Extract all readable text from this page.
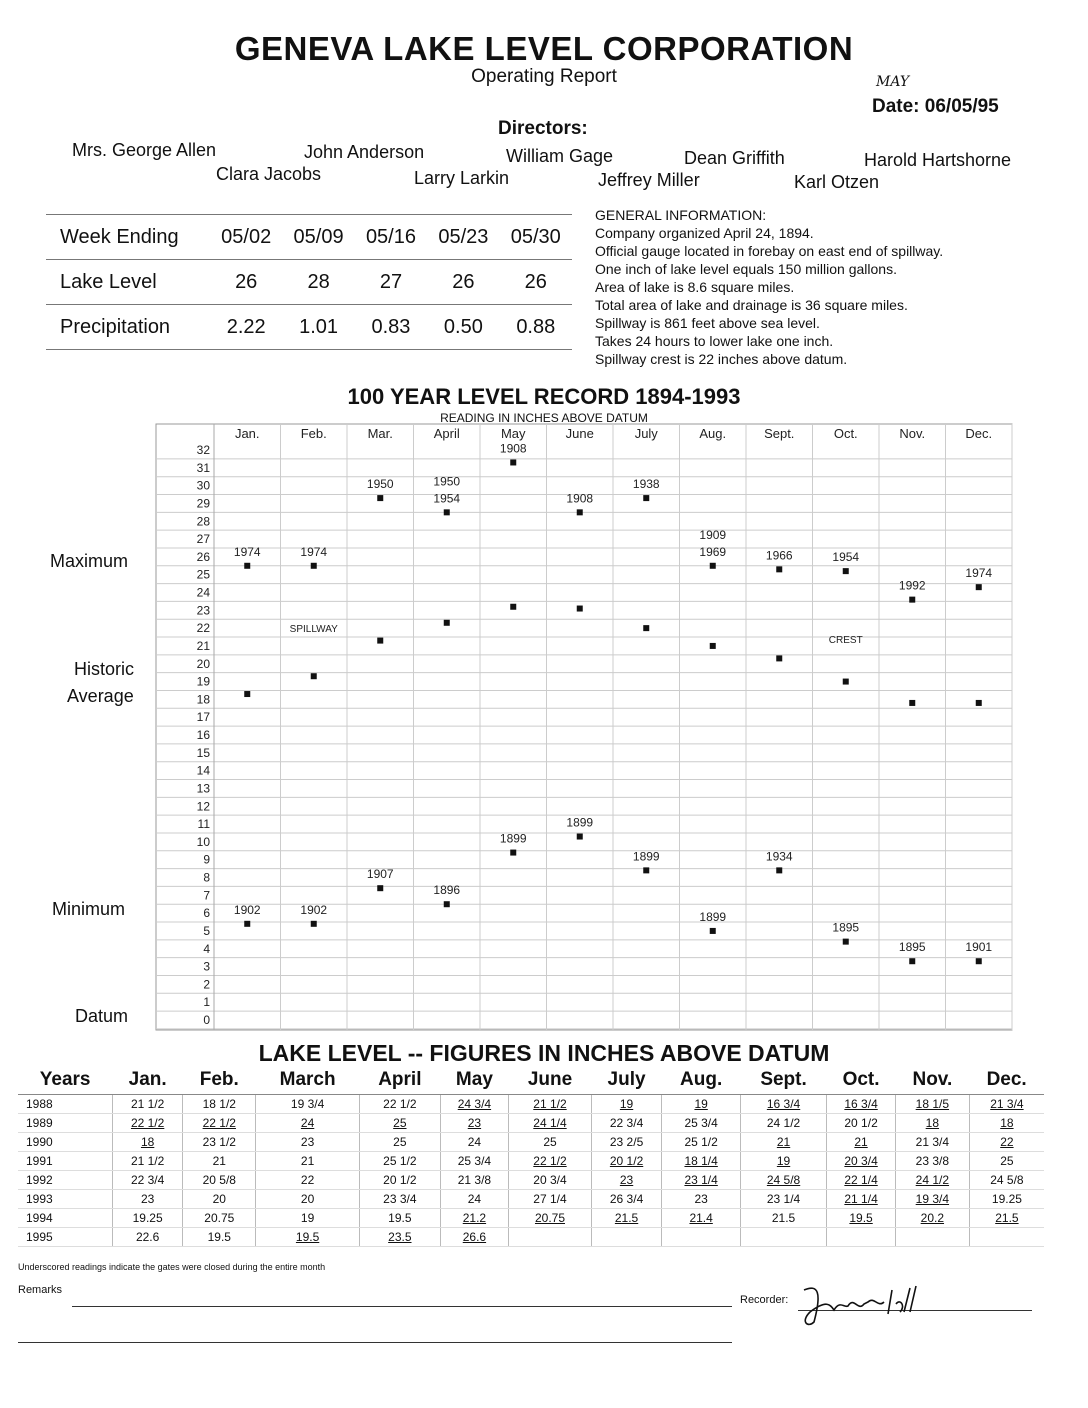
GENEVA LAKE LEVEL CORPORATION
Operating Report	MAY
Date: 06/05/95
Directors:
Mrs. George Allen	John Anderson	William Gage	Dean Griffith	Harold Hartshorne
Clara Jacobs	Larry Larkin	Jeffrey Miller	Karl Otzen
Week Ending	05/02	05/09	05/16	05/23	05/30
Lake Level	26	28	27	26	26
Precipitation	2.22	1.01	0.83	0.50	0.88
GENERAL INFORMATION:
Company organized April 24, 1894.
Official gauge located in forebay on east end of spillway.
One inch of lake level equals 150 million gallons.
Area of lake is 8.6 square miles.
Total area of lake and drainage is 36 square miles.
Spillway is 861 feet above sea level.
Takes 24 hours to lower lake one inch.
Spillway crest is 22 inches above datum.
100 YEAR LEVEL RECORD 1894-1993
READING IN INCHES ABOVE DATUM
Maximum
Historic
Average
Minimum
Datum	0
1
2
3
4
5
6
7
8
9
10
11
12
13
14
15
16
17
18
19
20
21
22
23
24
25
26
27
28
29
30
31
32
Jan.	Feb.	Mar.	April	May	June	July	Aug.	Sept.	Oct.	Nov.	Dec.
1974	1974
1950	1950
1954
1908
1908
1938
1909
1969	1966	1954
1992
1974
1902	1902
1907
1896
1899
1899
1899
1899
1934
1895
1895	1901
SPILLWAY
CREST
LAKE LEVEL -- FIGURES IN INCHES ABOVE DATUM
Years	Jan.	Feb.	March	April	May	June	July	Aug.	Sept.	Oct.	Nov.	Dec.
1988	21 1/2	18 1/2	19 3/4	22 1/2	24 3/4	21 1/2	19	19	16 3/4	16 3/4	18 1/5	21 3/4
1989	22 1/2	22 1/2	24	25	23	24 1/4	22 3/4	25 3/4	24 1/2	20 1/2	18	18
1990	18	23 1/2	23	25	24	25	23 2/5	25 1/2	21	21	21 3/4	22
1991	21 1/2	21	21	25 1/2	25 3/4	22 1/2	20 1/2	18 1/4	19	20 3/4	23 3/8	25
1992	22 3/4	20 5/8	22	20 1/2	21 3/8	20 3/4	23	23 1/4	24 5/8	22 1/4	24 1/2	24 5/8
1993	23	20	20	23 3/4	24	27 1/4	26 3/4	23	23 1/4	21 1/4	19 3/4	19.25
1994	19.25	20.75	19	19.5	21.2	20.75	21.5	21.4	21.5	19.5	20.2	21.5
1995	22.6	19.5	19.5	23.5	26.6							
Underscored readings indicate the gates were closed during the entire month
Remarks
Recorder:
